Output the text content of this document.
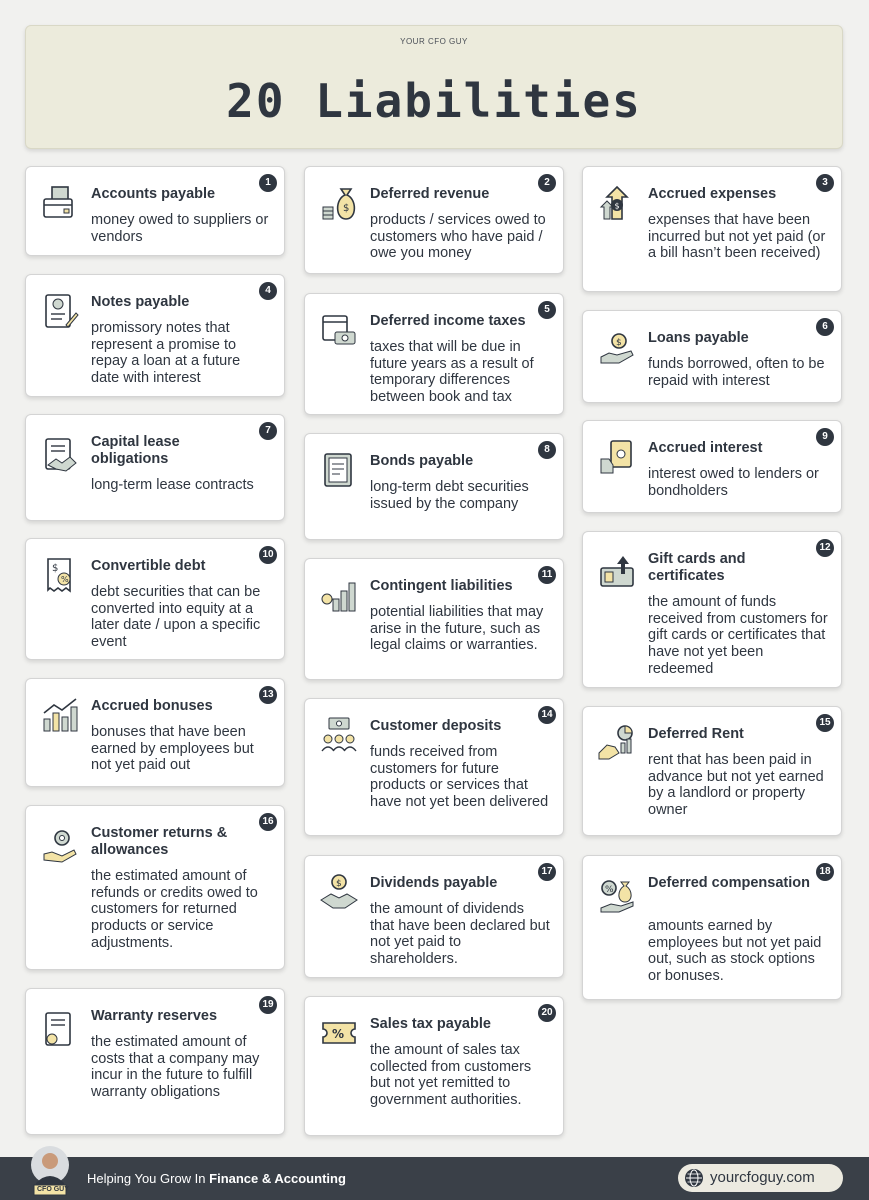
YOUR CFO GUY
20 Liabilities
1
Accounts payable
money owed to suppliers or vendors
4
Notes payable
promissory notes that represent a promise to repay a loan at a future date with interest
7
Capital lease obligations
long-term lease contracts
$
%
10
Convertible debt
debt securities that can be converted into equity at a later date / upon a specific event
13
Accrued bonuses
bonuses that have been earned by employees but not yet paid out
16
Customer returns & allowances
the estimated amount of refunds or credits owed to customers for returned products or service adjustments.
19
Warranty reserves
the estimated amount of costs that a company may incur in the future to fulfill warranty obligations
$
2
Deferred revenue
products / services owed to customers who have paid / owe you money
5
Deferred income taxes
taxes that will be due in future years as a result of temporary differences between book and tax
8
Bonds payable
long-term debt securities issued by the company
11
Contingent liabilities
potential liabilities that may arise in the future, such as legal claims or warranties.
14
Customer deposits
funds received from customers for future products or services that have not yet been delivered
$
17
Dividends payable
the amount of dividends that have been declared but not yet paid to shareholders.
%
20
Sales tax payable
the amount of sales tax collected from customers but not yet remitted to government authorities.
$
3
Accrued expenses
expenses that have been incurred but not yet paid (or a bill hasn’t been received)
$
6
Loans payable
funds borrowed, often to be repaid with interest
9
Accrued interest
interest owed to lenders or bondholders
12
Gift cards and certificates
the amount of funds received from customers for gift cards or certificates that have not yet been redeemed
15
Deferred Rent
rent that has been paid in advance but not yet earned by a landlord or property owner
%
18
Deferred compensation
amounts earned by employees but not yet paid out, such as stock options or bonuses.
CFO GUY
Helping You Grow In Finance & Accounting	yourcfoguy.com
